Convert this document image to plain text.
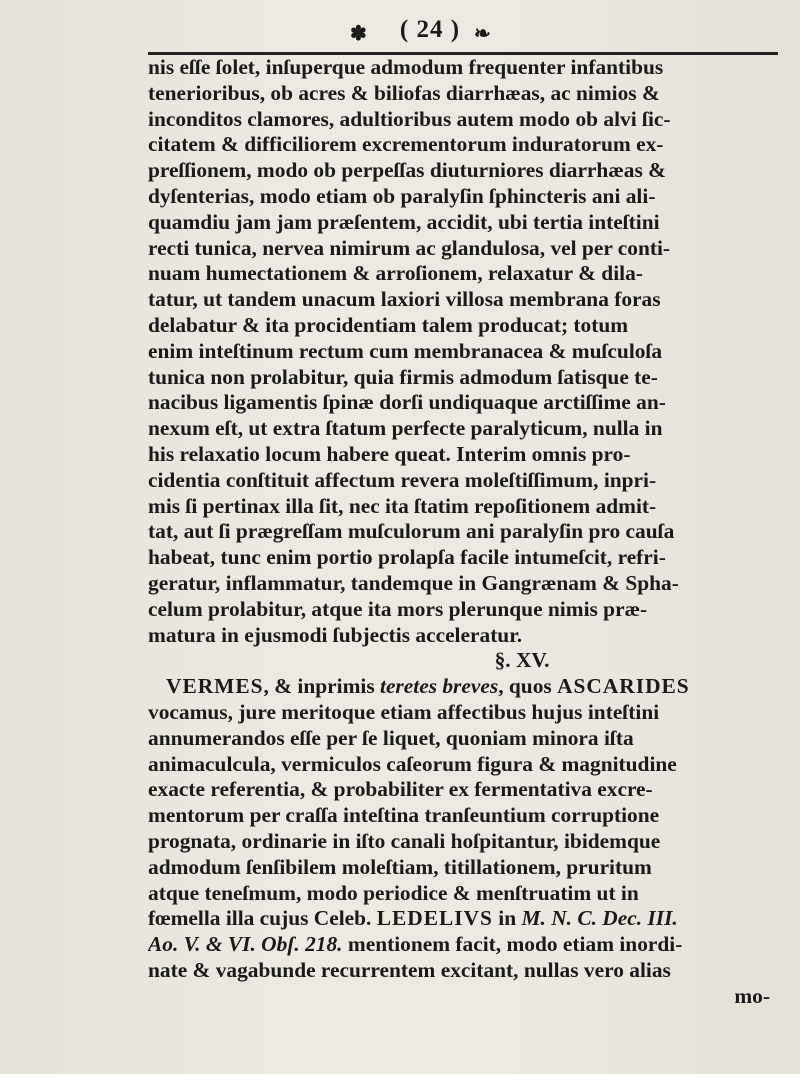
✽ ( 24 ) ❧
nis eſſe ſolet, inſuperque admodum frequenter infantibus
tenerioribus, ob acres & biliofas diarrhæas, ac nimios &
inconditos clamores, adultioribus autem modo ob alvi ſic-
citatem & difficiliorem excrementorum induratorum ex-
preſſionem, modo ob perpeſſas diuturniores diarrhæas &
dyſenterias, modo etiam ob paralyſin ſphincteris ani ali-
quamdiu jam jam præſentem, accidit, ubi tertia inteſtini
recti tunica, nervea nimirum ac glandulosa, vel per conti-
nuam humectationem & arroſionem, relaxatur & dila-
tatur, ut tandem unacum laxiori villosa membrana foras
delabatur & ita procidentiam talem producat; totum
enim inteſtinum rectum cum membranacea & muſculoſa
tunica non prolabitur, quia firmis admodum ſatisque te-
nacibus ligamentis ſpinæ dorſi undiquaque arctiſſime an-
nexum eſt, ut extra ſtatum perfecte paralyticum, nulla in
his relaxatio locum habere queat. Interim omnis pro-
cidentia conſtituit affectum revera moleſtiſſimum, inpri-
mis ſi pertinax illa ſit, nec ita ſtatim repoſitionem admit-
tat, aut ſi prægreſſam muſculorum ani paralyſin pro cauſa
habeat, tunc enim portio prolapſa facile intumeſcit, refri-
geratur, inflammatur, tandemque in Gangrænam & Spha-
celum prolabitur, atque ita mors plerunque nimis præ-
matura in ejusmodi ſubjectis acceleratur.
§. XV.
VERMES, & inprimis teretes breves, quos ASCARIDES
vocamus, jure meritoque etiam affectibus hujus inteſtini
annumerandos eſſe per ſe liquet, quoniam minora iſta
animaculcula, vermiculos caſeorum figura & magnitudine
exacte referentia, & probabiliter ex fermentativa excre-
mentorum per craſſa inteſtina tranſeuntium corruptione
prognata, ordinarie in iſto canali hoſpitantur, ibidemque
admodum ſenſibilem moleſtiam, titillationem, pruritum
atque teneſmum, modo periodice & menſtruatim ut in
fœmella illa cujus Celeb. LEDELIVS in M. N. C. Dec. III.
Ao. V. & VI. Obſ. 218. mentionem facit, modo etiam inordi-
nate & vagabunde recurrentem excitant, nullas vero alias
mo-
